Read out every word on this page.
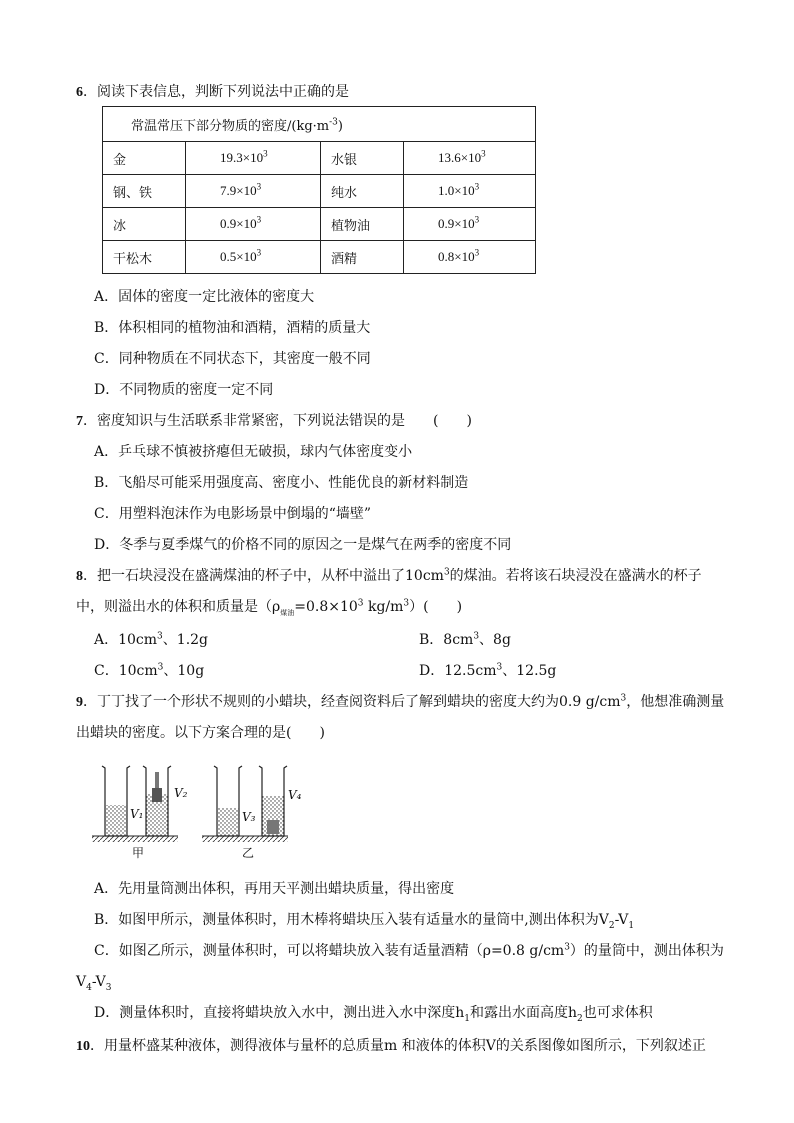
6．阅读下表信息，判断下列说法中正确的是
常温常压下部分物质的密度$/(kg\cdot m^{-3})$			
金	$19.3\times 10^3$	水银	$13.6\times 10^3$
钢、铁	$7.9\times 10^3$	纯水	$1.0\times 10^3$
冰	$0.9\times 10^3$	植物油	$0.9\times 10^3$
干松木	$0.5\times 10^3$	酒精	$0.8\times 10^3$
A．固体的密度一定比液体的密度大
B．体积相同的植物油和酒精，酒精的质量大
C．同种物质在不同状态下，其密度一般不同
D．不同物质的密度一定不同
7．密度知识与生活联系非常紧密，下列说法错误的是　　(　　)
A．乒乓球不慎被挤瘪但无破损，球内气体密度变小
B．飞船尽可能采用强度高、密度小、性能优良的新材料制造
C．用塑料泡沫作为电影场景中倒塌的“墙壁”
D．冬季与夏季煤气的价格不同的原因之一是煤气在两季的密度不同
8．把一石块浸没在盛满煤油的杯子中，从杯中溢出了$10cm^3$的煤油。若将该石块浸没在盛满水的杯子
中，则溢出水的体积和质量是（$\rho_{煤油}=0.8\times 10^3$ $kg/m^3$）(　　)
A．$10cm^3$、1.2g	B．$8cm^3$、8g
C．$10cm^3$、10g	D．$12.5cm^3$、12.5g
9．丁丁找了一个形状不规则的小蜡块，经查阅资料后了解到蜡块的密度大约为0.9 $g/cm^3$，他想准确测量
出蜡块的密度。以下方案合理的是(　　)
V₁
V₂
V₃
V₄
甲	乙
A．先用量筒测出体积，再用天平测出蜡块质量，得出密度
B．如图甲所示，测量体积时，用木棒将蜡块压入装有适量水的量筒中,测出体积为$V_2-V_1$
C．如图乙所示，测量体积时，可以将蜡块放入装有适量酒精（ρ=0.8 $g/cm^3$）的量筒中，测出体积为
$V_4-V_3$
D．测量体积时，直接将蜡块放入水中，测出进入水中深度$h_1$和露出水面高度$h_2$也可求体积
10．用量杯盛某种液体，测得液体与量杯的总质量m 和液体的体积V的关系图像如图所示，下列叙述正
